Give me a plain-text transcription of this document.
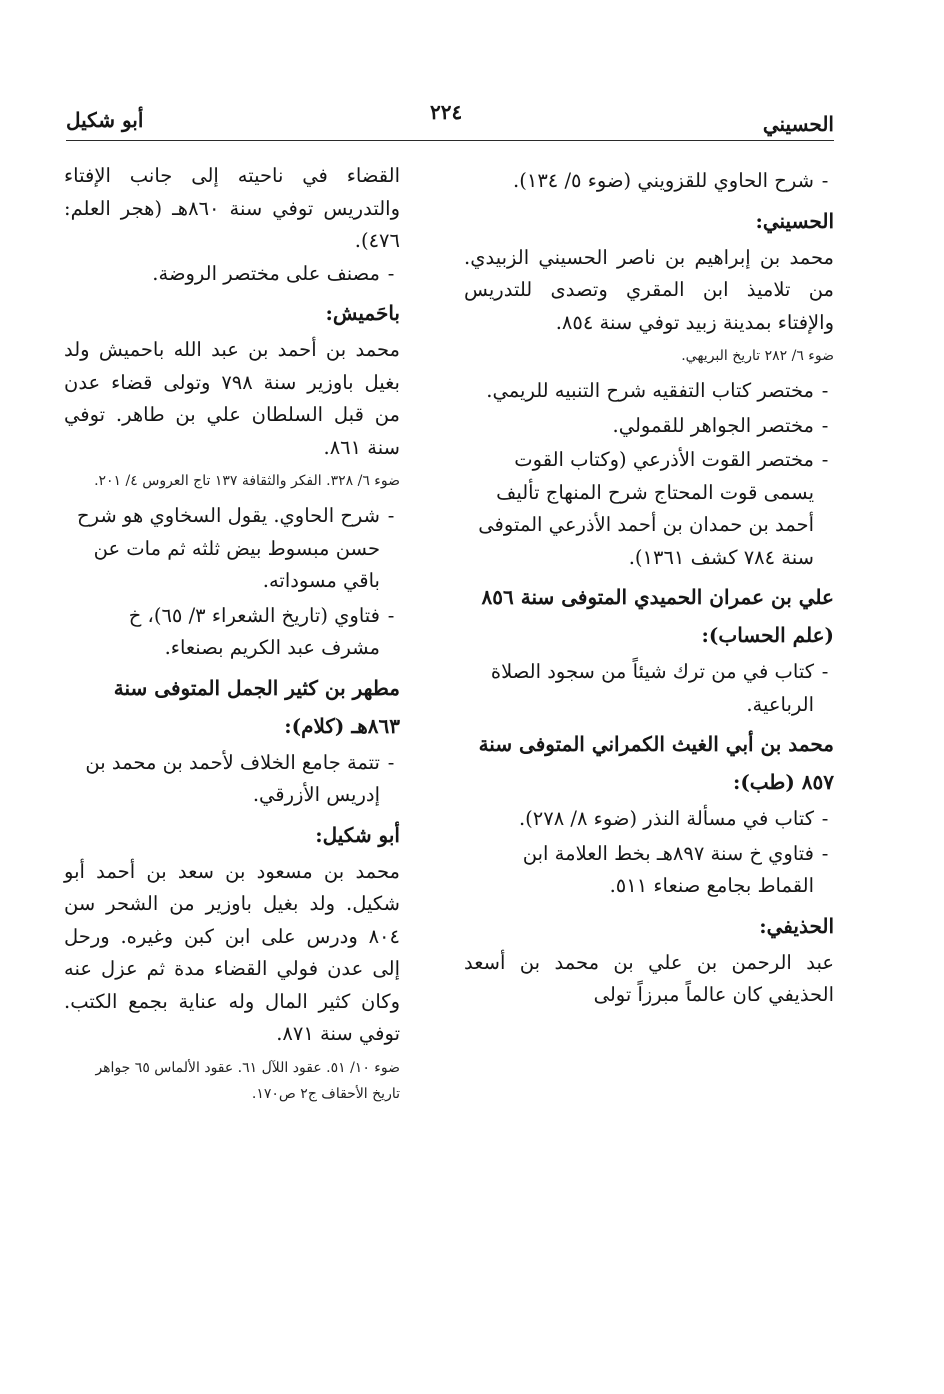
الحسيني
٢٢٤
أبو شكيل
-
شرح الحاوي للقزويني (ضوء ٥/ ١٣٤).
الحسيني:
محمد بن إبراهيم بن ناصر الحسيني الزبيدي. من تلاميذ ابن المقري وتصدى للتدريس والإفتاء بمدينة زبيد توفي سنة ٨٥٤.
ضوء ٦/ ٢٨٢ تاريخ البريهي.
-
مختصر كتاب التفقيه شرح التنبيه للريمي.
-
مختصر الجواهر للقمولي.
-
مختصر القوت الأذرعي (وكتاب القوت يسمى قوت المحتاج شرح المنهاج تأليف أحمد بن حمدان بن أحمد الأذرعي المتوفى سنة ٧٨٤ كشف ١٣٦١).
علي بن عمران الحميدي المتوفى سنة ٨٥٦ (علم الحساب):
-
كتاب في من ترك شيئاً من سجود الصلاة الرباعية.
محمد بن أبي الغيث الكمراني المتوفى سنة ٨٥٧ (طب):
-
كتاب في مسألة النذر (ضوء ٨/ ٢٧٨).
-
فتاوي خ سنة ٨٩٧هـ بخط العلامة ابن القماط بجامع صنعاء ٥١١.
الحذيفي:
عبد الرحمن بن علي بن محمد بن أسعد الحذيفي كان عالماً مبرزاً تولى
القضاء في ناحيته إلى جانب الإفتاء والتدريس توفي سنة ٨٦٠هـ (هجر العلم: ٤٧٦).
-
مصنف على مختصر الروضة.
باحَميش:
محمد بن أحمد بن عبد الله باحميش ولد بغيل باوزير سنة ٧٩٨ وتولى قضاء عدن من قبل السلطان علي بن طاهر. توفي سنة ٨٦١.
ضوء ٦/ ٣٢٨. الفكر والثقافة ١٣٧ تاج العروس ٤/ ٢٠١.
-
شرح الحاوي. يقول السخاوي هو شرح حسن مبسوط بيض ثلثه ثم مات عن باقي مسوداته.
-
فتاوي (تاريخ الشعراء ٣/ ٦٥)، خ مشرف عبد الكريم بصنعاء.
مطهر بن كثير الجمل المتوفى سنة ٨٦٣هـ (كلام):
-
تتمة جامع الخلاف لأحمد بن محمد بن إدريس الأزرقي.
أبو شكيل:
محمد بن مسعود بن سعد بن أحمد أبو شكيل. ولد بغيل باوزير من الشحر سن ٨٠٤ ودرس على ابن كبن وغيره. ورحل إلى عدن فولي القضاء مدة ثم عزل عنه وكان كثير المال وله عناية بجمع الكتب. توفي سنة ٨٧١.
ضوء ١٠/ ٥١. عقود اللآل ٦١. عقود الألماس ٦٥ جواهر تاريخ الأحقاف ج٢ ص١٧٠.
